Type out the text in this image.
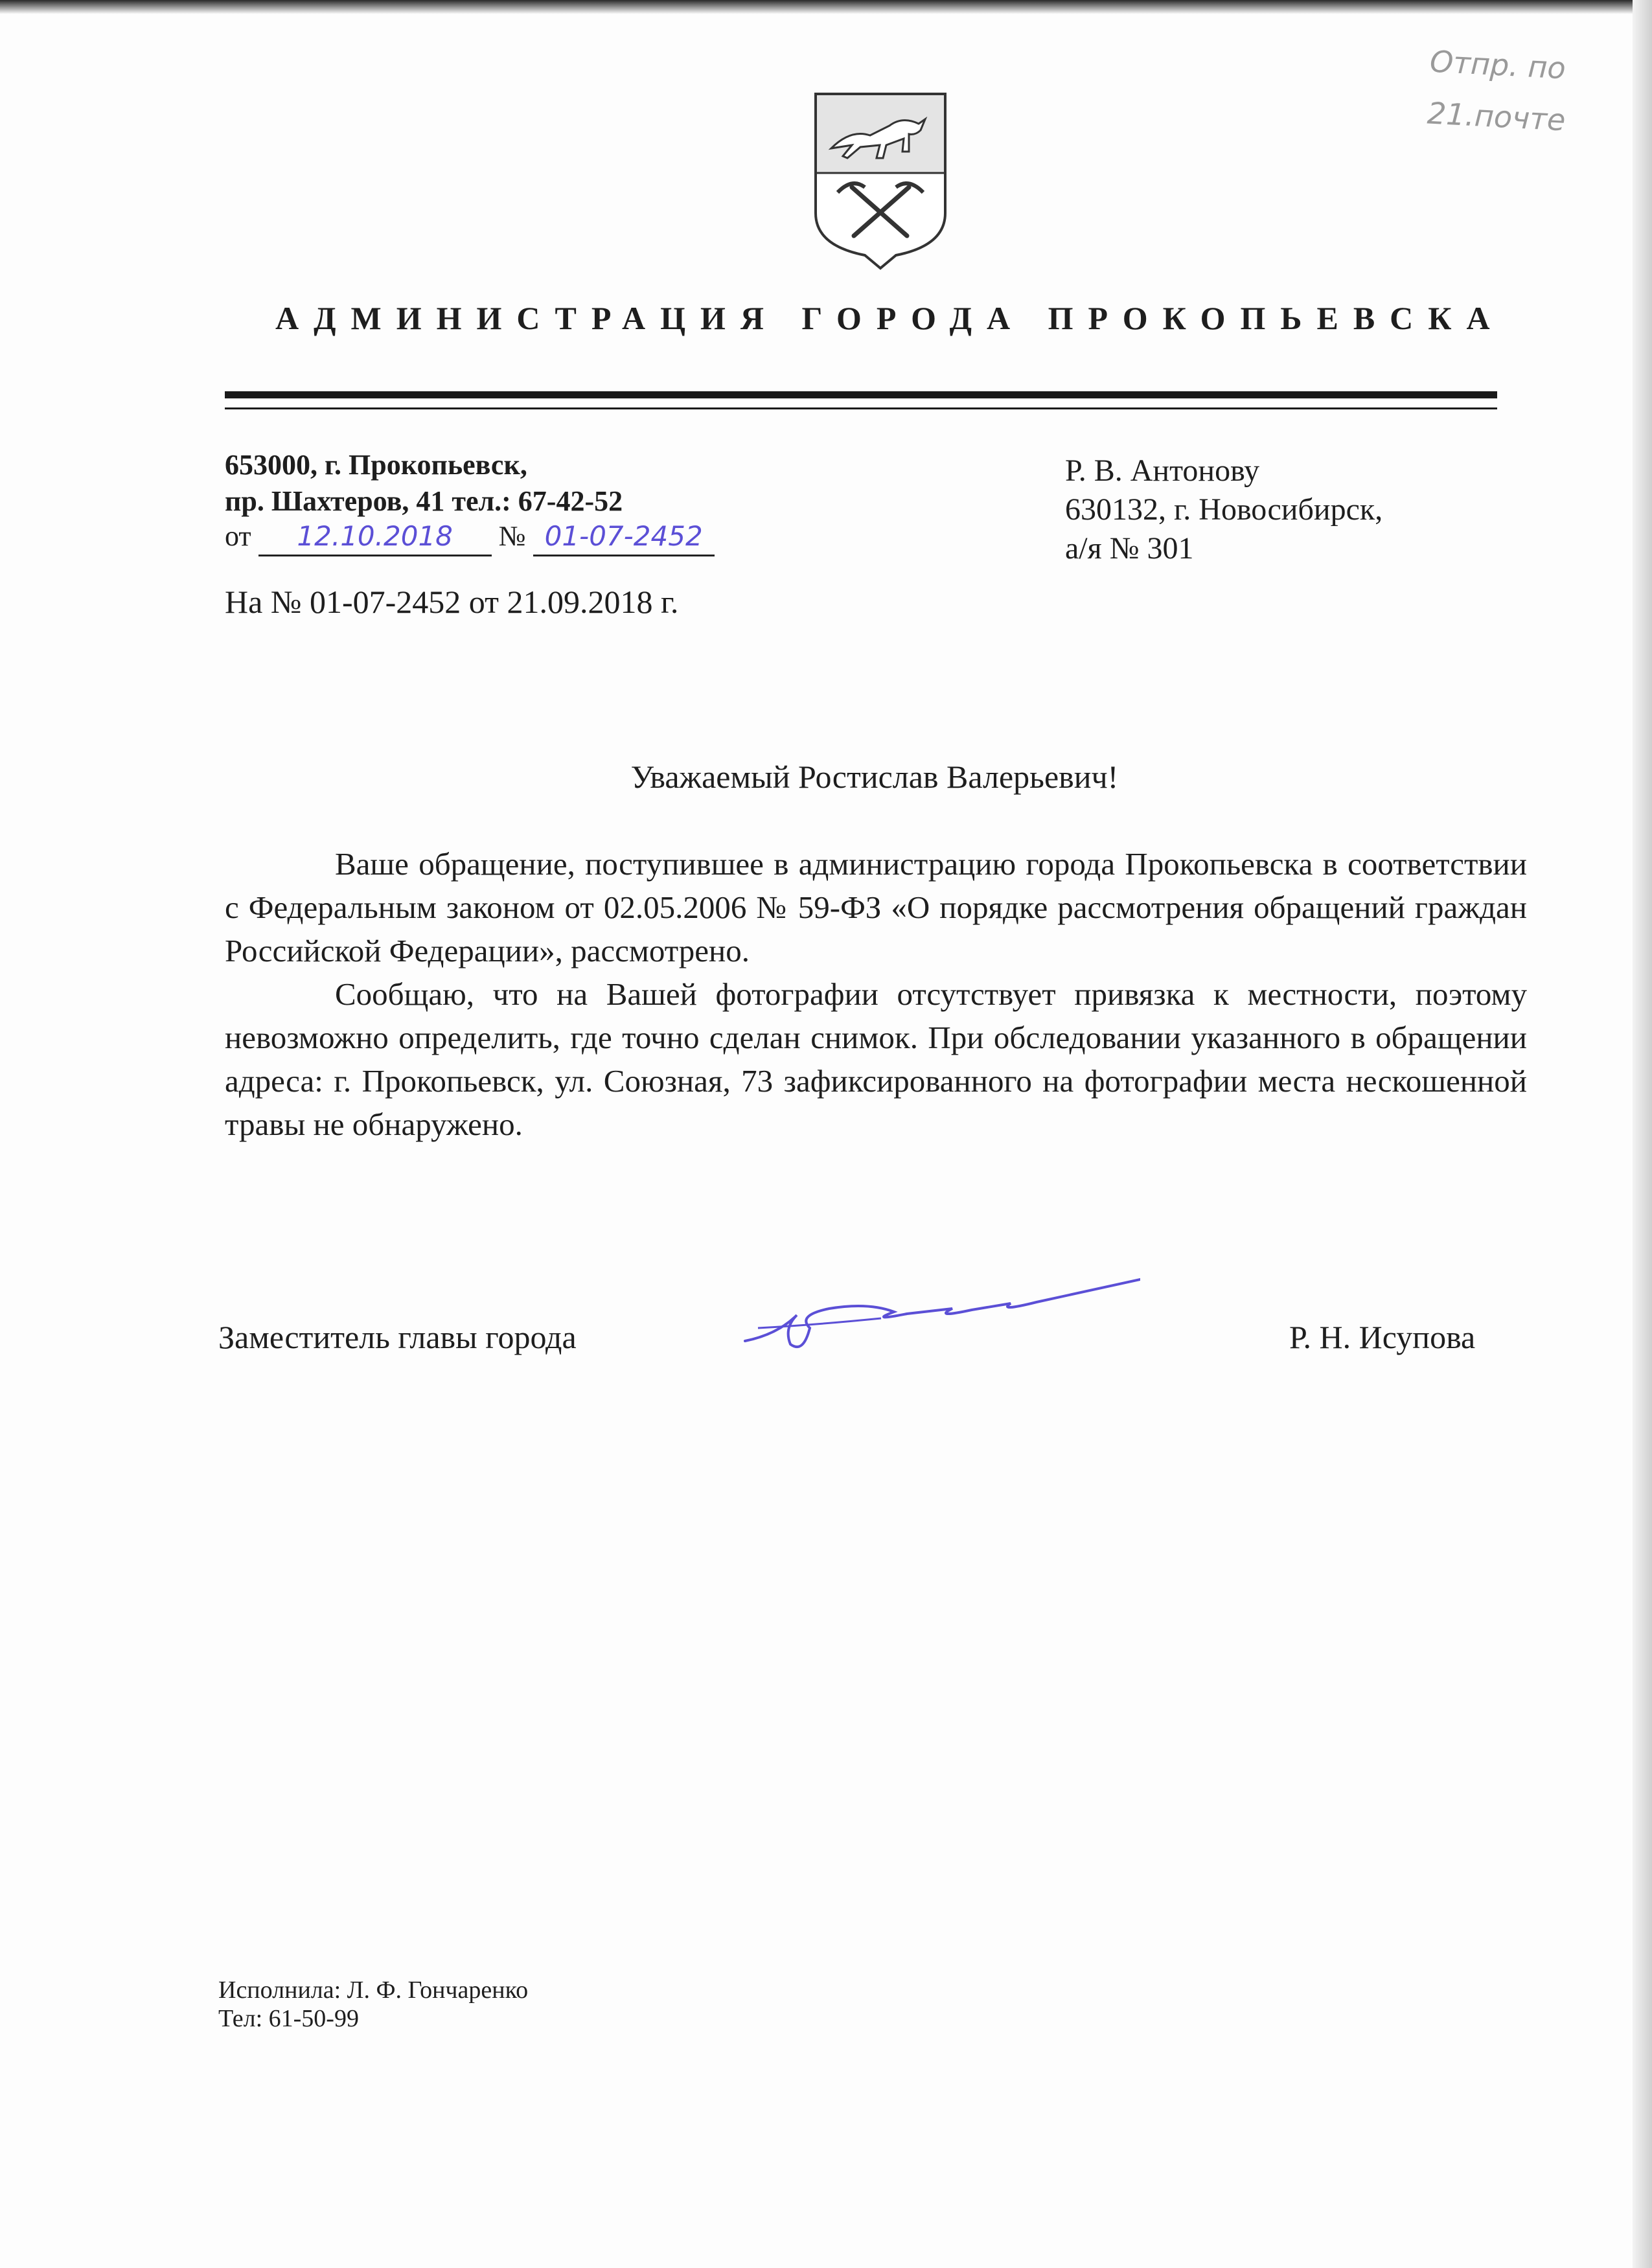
Отпр. по
21.почте
АДМИНИСТРАЦИЯ ГОРОДА ПРОКОПЬЕВСКА
653000, г. Прокопьевск,
пр. Шахтеров, 41 тел.: 67-42-52
от 12.10.2018 № 01-07-2452
На № 01-07-2452 от 21.09.2018 г.
Р. В. Антонову
630132, г. Новосибирск,
а/я № 301
Уважаемый Ростислав Валерьевич!

Ваше обращение, поступившее в администрацию города Прокопьевска в соответствии с Федеральным законом от 02.05.2006 № 59-ФЗ «О порядке рассмотрения обращений граждан Российской Федерации», рассмотрено.

Сообщаю, что на Вашей фотографии отсутствует привязка к местности, поэтому невозможно определить, где точно сделан снимок. При обследовании указанного в обращении адреса: г. Прокопьевск, ул. Союзная, 73 зафиксированного на фотографии места нескошенной травы не обнаружено.

Заместитель главы города	Р. Н. Исупова
Исполнила: Л. Ф. Гончаренко
Тел: 61-50-99
